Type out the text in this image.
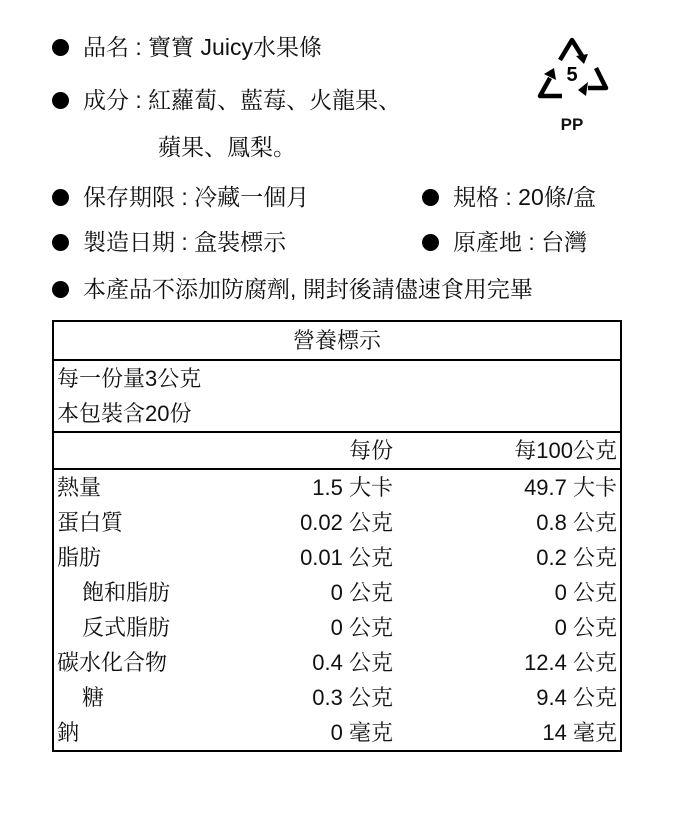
品名 : 寶寶 Juicy水果條
成分 : 紅蘿蔔、藍莓、火龍果、
蘋果、鳳梨。
保存期限 : 冷藏一個月	規格 : 20條/盒
製造日期 : 盒裝標示	原產地 : 台灣
本產品不添加防腐劑, 開封後請儘速食用完畢
5
PP
營養標示
每一份量3公克
本包裝含20份
	每份	每100公克
熱量	1.5 大卡	49.7 大卡
蛋白質	0.02 公克	0.8 公克
脂肪	0.01 公克	0.2 公克
飽和脂肪	0 公克	0 公克
反式脂肪	0 公克	0 公克
碳水化合物	0.4 公克	12.4 公克
糖	0.3 公克	9.4 公克
鈉	0 毫克	14 毫克
